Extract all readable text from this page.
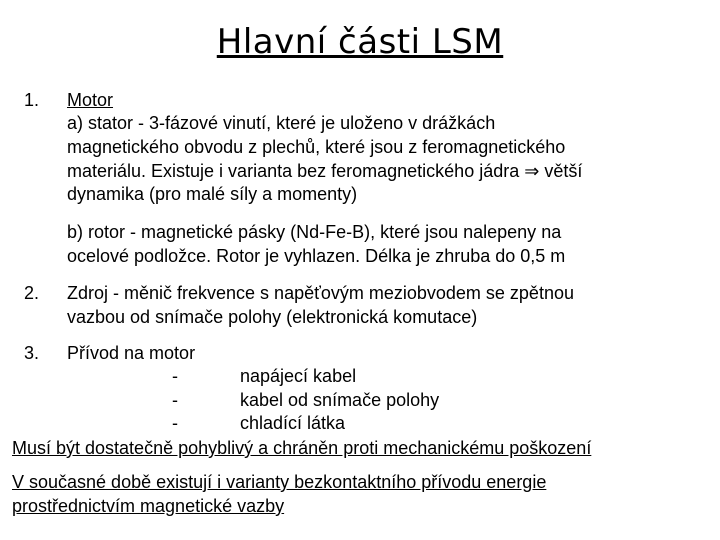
Hlavní části LSM
1. Motor
a) stator - 3-fázové vinutí, které je uloženo v drážkách
magnetického obvodu z plechů, které jsou z feromagnetického
materiálu. Existuje i varianta bez feromagnetického jádra ⇒ větší
dynamika (pro malé síly a momenty)
b) rotor - magnetické pásky (Nd-Fe-B), které jsou nalepeny na
ocelové podložce. Rotor je vyhlazen. Délka je zhruba do 0,5 m
2. Zdroj - měnič frekvence s napěťovým meziobvodem se zpětnou
vazbou od snímače polohy (elektronická komutace)
3. Přívod na motor
-	napájecí kabel
-	kabel od snímače polohy
-	chladící látka
Musí být dostatečně pohyblivý a chráněn proti mechanickému poškození
V současné době existují i varianty bezkontaktního přívodu energie
prostřednictvím magnetické vazby
